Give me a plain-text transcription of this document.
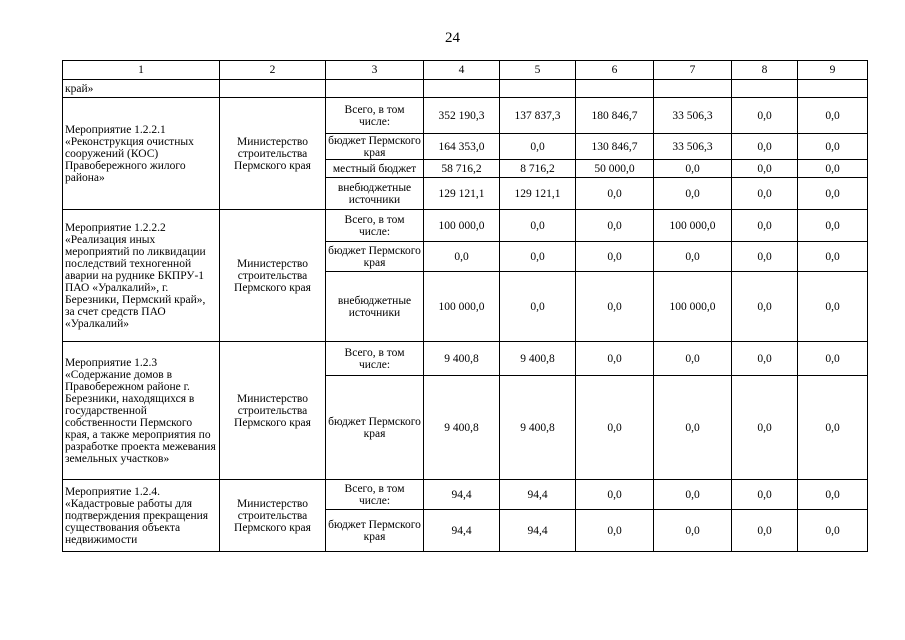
24
1	2	3	4	5	6	7	8	9
край»								
Мероприятие 1.2.2.1 «Реконструкция очистных сооружений (КОС) Правобережного жилого района»	Министерство строительства Пермского края	Всего, в том числе:	352 190,3	137 837,3	180 846,7	33 506,3	0,0	0,0
		бюджет Пермского края	164 353,0	0,0	130 846,7	33 506,3	0,0	0,0
		местный бюджет	58 716,2	8 716,2	50 000,0	0,0	0,0	0,0
		внебюджетные источники	129 121,1	129 121,1	0,0	0,0	0,0	0,0
Мероприятие 1.2.2.2 «Реализация иных мероприятий по ликвидации последствий техногенной аварии на руднике БКПРУ-1 ПАО «Уралкалий», г. Березники, Пермский край», за счет средств ПАО «Уралкалий»	Министерство строительства Пермского края	Всего, в том числе:	100 000,0	0,0	0,0	100 000,0	0,0	0,0
		бюджет Пермского края	0,0	0,0	0,0	0,0	0,0	0,0
		внебюджетные источники	100 000,0	0,0	0,0	100 000,0	0,0	0,0
Мероприятие 1.2.3 «Содержание домов в Правобережном районе г. Березники, находящихся в государственной собственности Пермского края, а также мероприятия по разработке проекта межевания земельных участков»	Министерство строительства Пермского края	Всего, в том числе:	9 400,8	9 400,8	0,0	0,0	0,0	0,0
		бюджет Пермского края	9 400,8	9 400,8	0,0	0,0	0,0	0,0
Мероприятие 1.2.4. «Кадастровые работы для подтверждения прекращения существования объекта недвижимости	Министерство строительства Пермского края	Всего, в том числе:	94,4	94,4	0,0	0,0	0,0	0,0
		бюджет Пермского края	94,4	94,4	0,0	0,0	0,0	0,0
